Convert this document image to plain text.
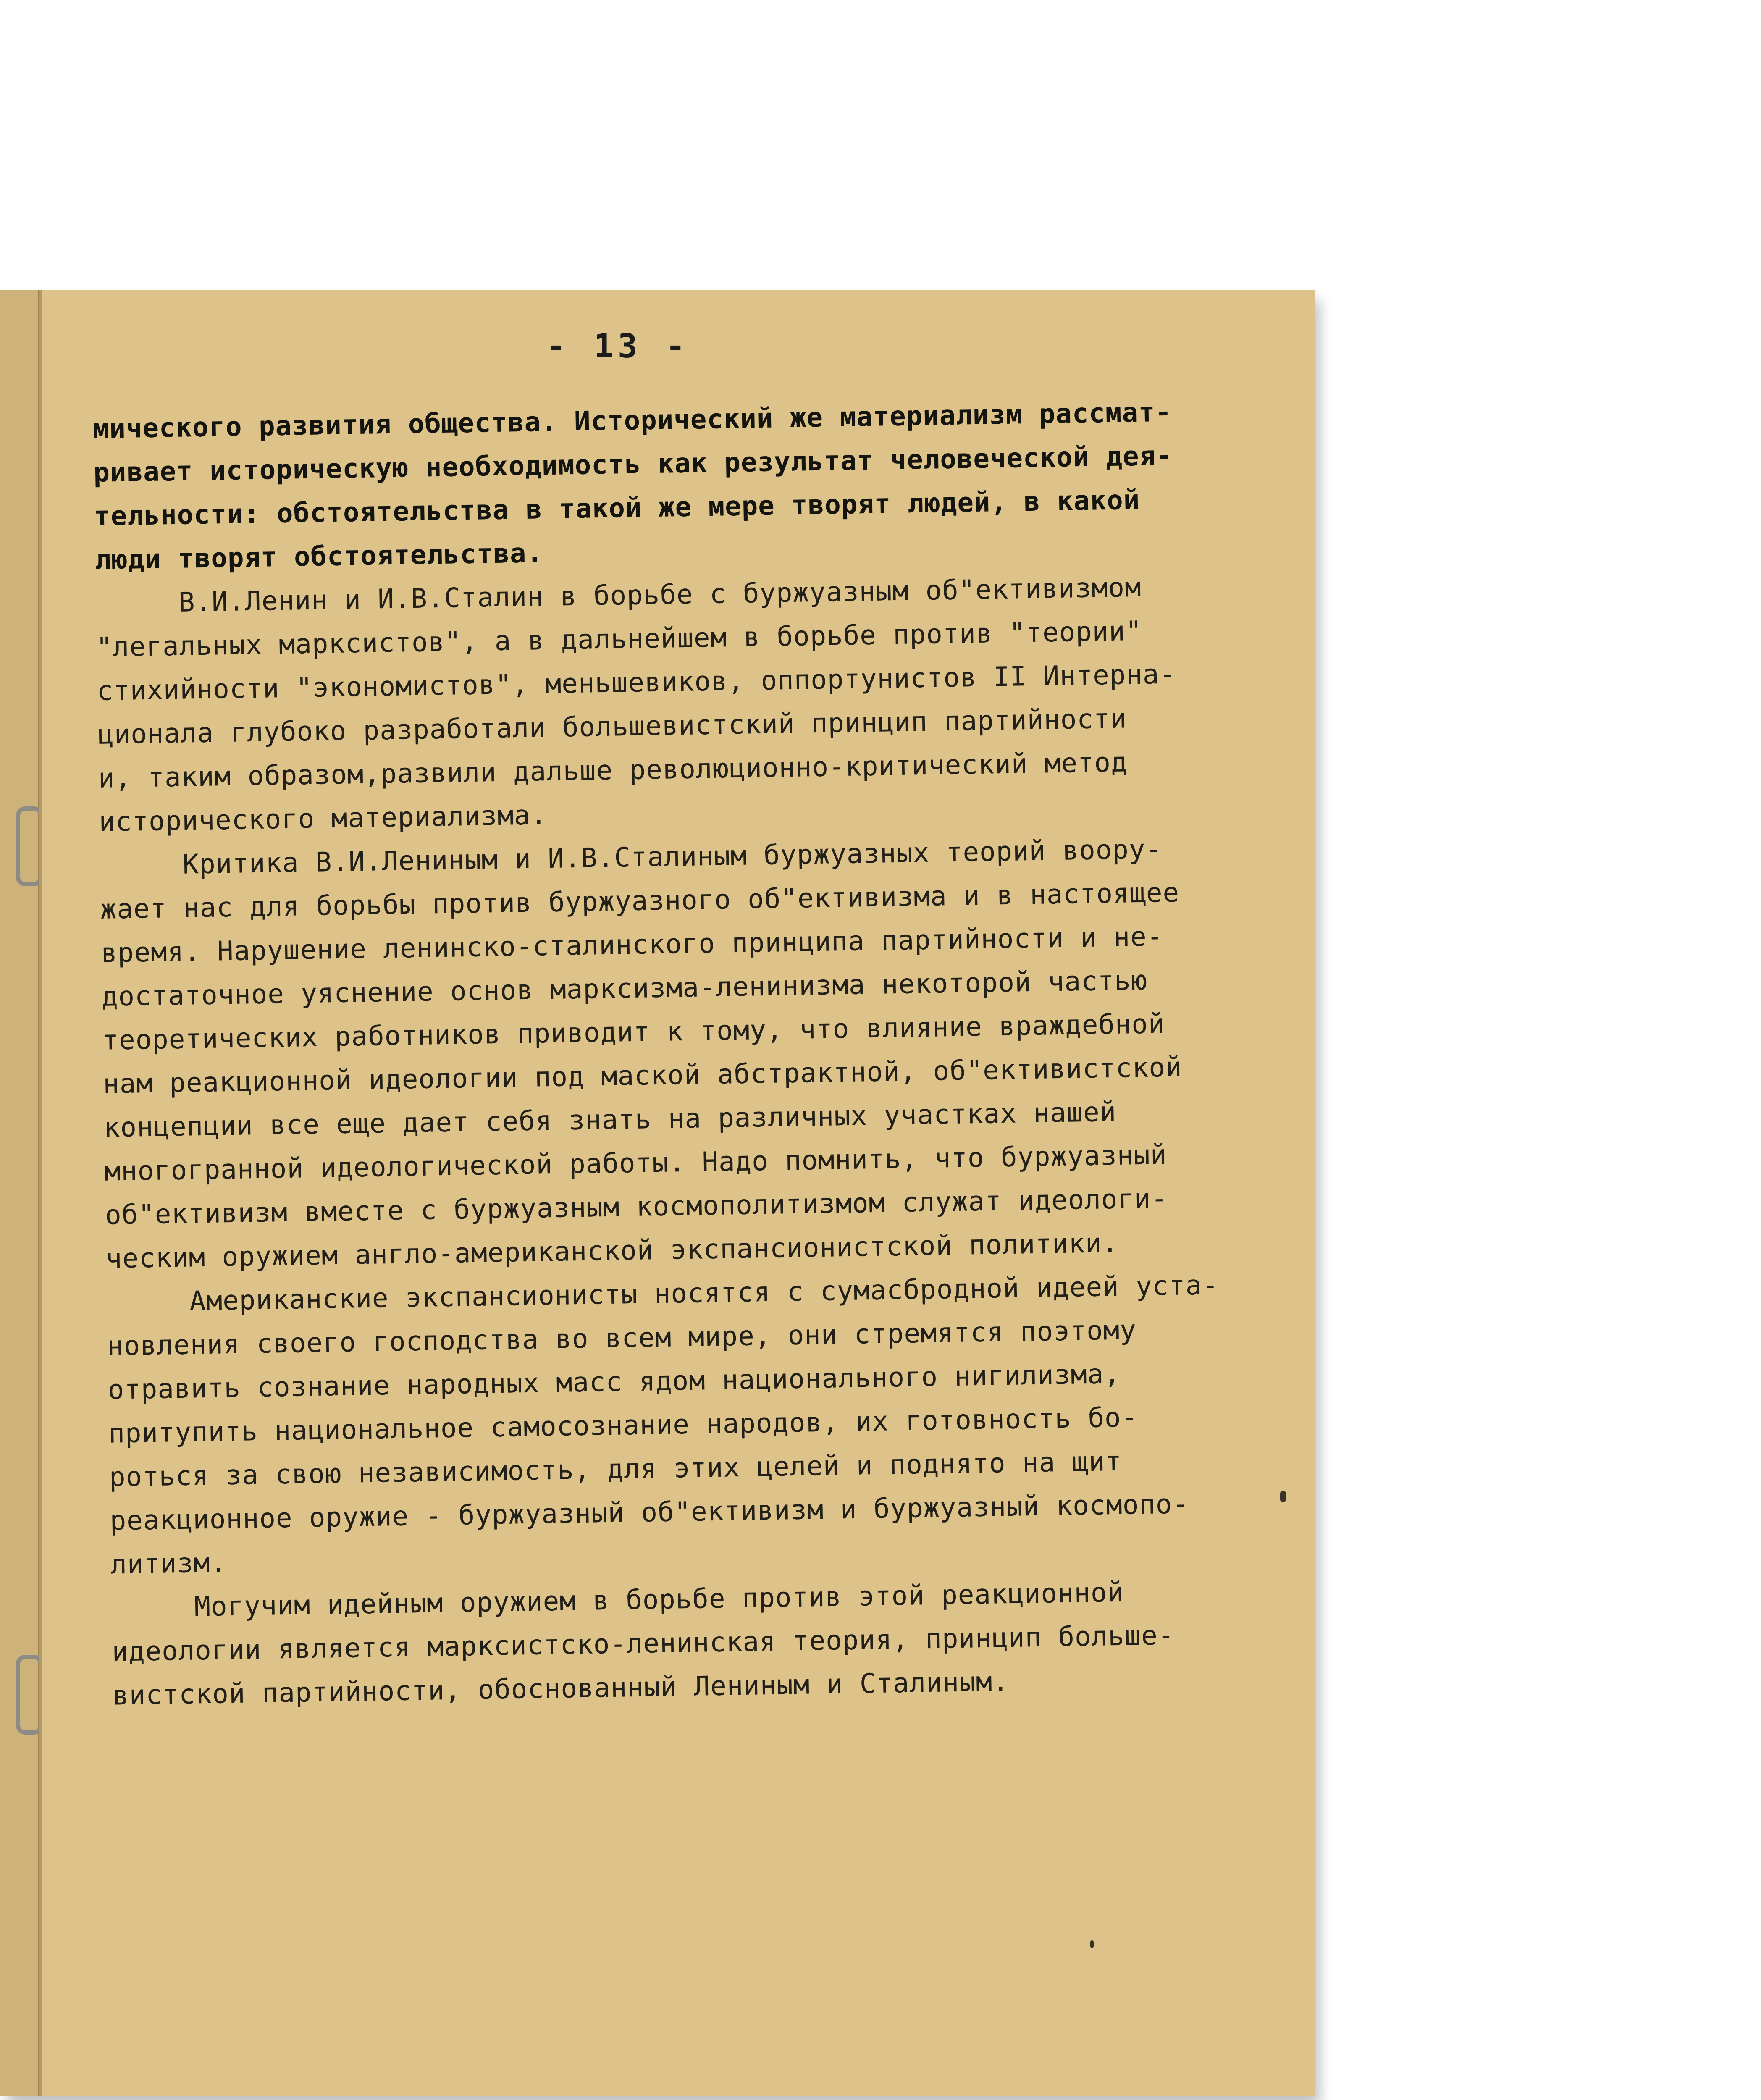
- 13 -
мического развития общества. Исторический же материализм рассмат-
ривает историческую необходимость как результат человеческой дея-
тельности: обстоятельства в такой же мере творят людей, в какой
люди творят обстоятельства.
В.И.Ленин и И.В.Сталин в борьбе с буржуазным об"ективизмом
"легальных марксистов", а в дальнейшем в борьбе против "теории"
стихийности "экономистов", меньшевиков, оппортунистов II Интерна-
ционала глубоко разработали большевистский принцип партийности
и, таким образом,развили дальше революционно-критический метод
исторического материализма.
Критика В.И.Лениным и И.В.Сталиным буржуазных теорий воору-
жает нас для борьбы против буржуазного об"ективизма и в настоящее
время. Нарушение ленинско-сталинского принципа партийности и не-
достаточное уяснение основ марксизма-ленинизма некоторой частью
теоретических работников приводит к тому, что влияние враждебной
нам реакционной идеологии под маской абстрактной, об"ективистской
концепции все еще дает себя знать на различных участках нашей
многогранной идеологической работы. Надо помнить, что буржуазный
об"ективизм вместе с буржуазным космополитизмом служат идеологи-
ческим оружием англо-американской экспансионистской политики.
Американские экспансионисты носятся с сумасбродной идеей уста-
новления своего господства во всем мире, они стремятся поэтому
отравить сознание народных масс ядом национального нигилизма,
притупить национальное самосознание народов, их готовность бо-
роться за свою независимость, для этих целей и поднято на щит
реакционное оружие - буржуазный об"ективизм и буржуазный космопо-
литизм.
Могучим идейным оружием в борьбе против этой реакционной
идеологии является марксистско-ленинская теория, принцип больше-
вистской партийности, обоснованный Лениным и Сталиным.
